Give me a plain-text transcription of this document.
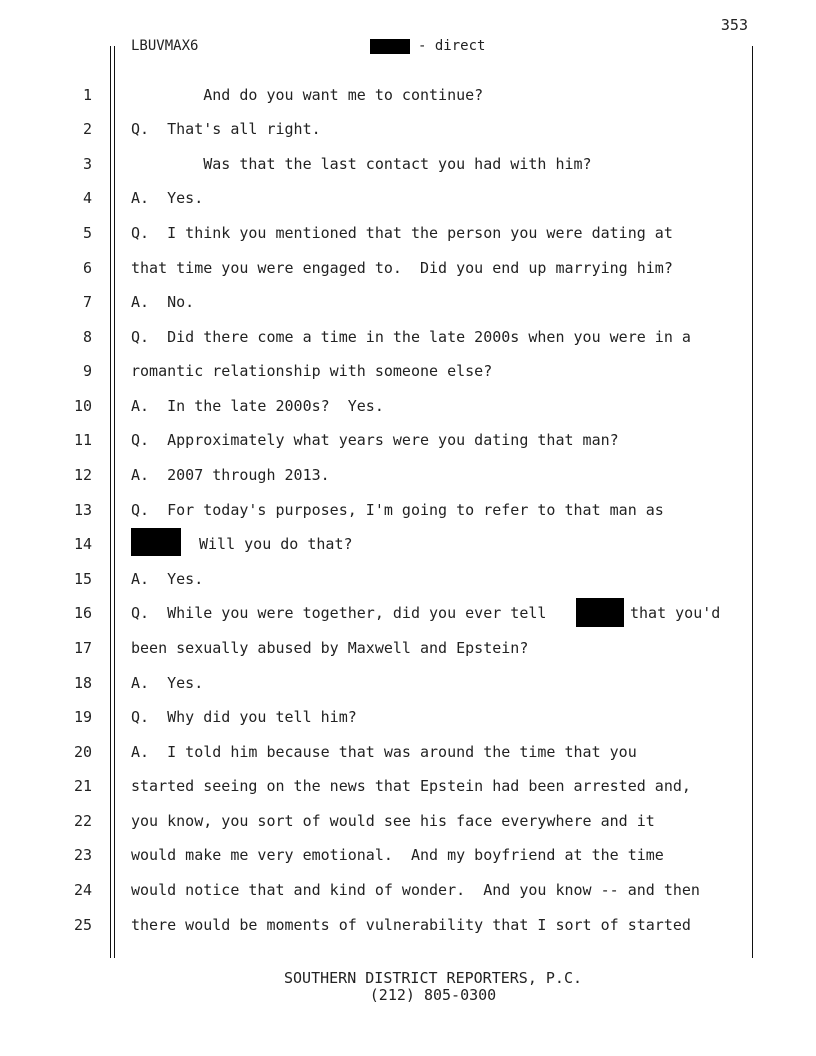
353
LBUVMAX6	- direct
1
2
3
4
5
6
7
8
9
10
11
12
13
14
15
16
17
18
19
20
21
22
23
24
25
And do you want me to continue?
Q.  That's all right.
Was that the last contact you had with him?
A.  Yes.
Q.  I think you mentioned that the person you were dating at
that time you were engaged to.  Did you end up marrying him?
A.  No.
Q.  Did there come a time in the late 2000s when you were in a
romantic relationship with someone else?
A.  In the late 2000s?  Yes.
Q.  Approximately what years were you dating that man?
A.  2007 through 2013.
Q.  For today's purposes, I'm going to refer to that man as
Will you do that?
A.  Yes.
Q.  While you were together, did you ever tell	that you'd
been sexually abused by Maxwell and Epstein?
A.  Yes.
Q.  Why did you tell him?
A.  I told him because that was around the time that you
started seeing on the news that Epstein had been arrested and,
you know, you sort of would see his face everywhere and it
would make me very emotional.  And my boyfriend at the time
would notice that and kind of wonder.  And you know -- and then
there would be moments of vulnerability that I sort of started
SOUTHERN DISTRICT REPORTERS, P.C.
(212) 805-0300
